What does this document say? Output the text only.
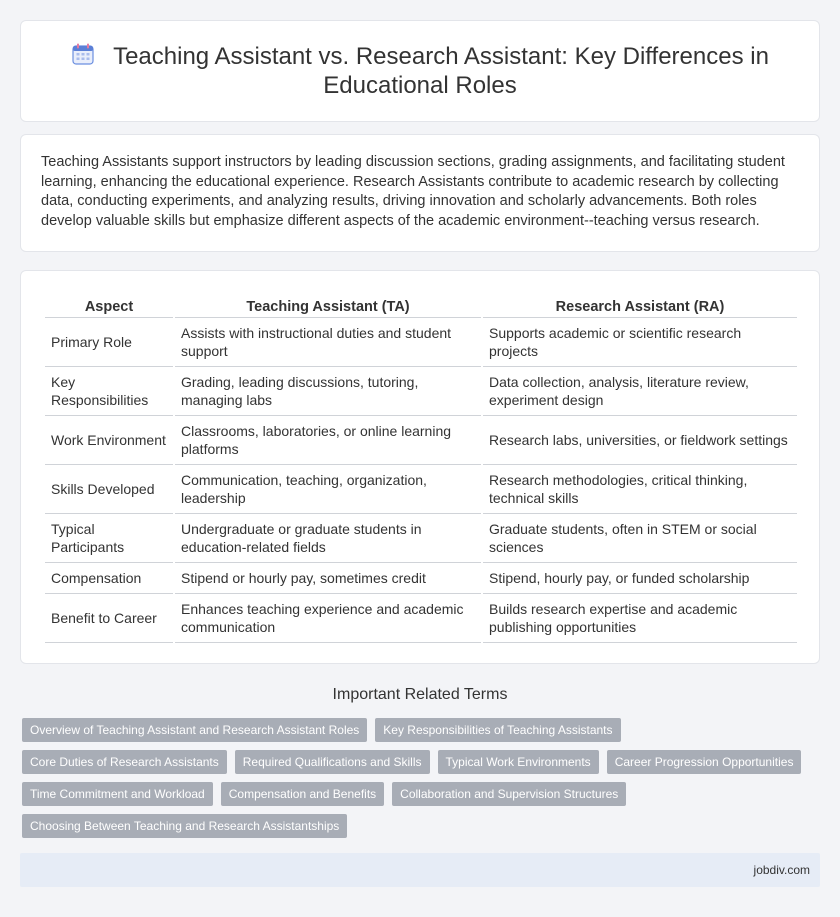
Teaching Assistant vs. Research Assistant: Key Differences in Educational Roles

Teaching Assistants support instructors by leading discussion sections, grading assignments, and facilitating student learning, enhancing the educational experience. Research Assistants contribute to academic research by collecting data, conducting experiments, and analyzing results, driving innovation and scholarly advancements. Both roles develop valuable skills but emphasize different aspects of the academic environment--teaching versus research.

Aspect	Teaching Assistant (TA)	Research Assistant (RA)
Primary Role	Assists with instructional duties and student support	Supports academic or scientific research projects
Key Responsibilities	Grading, leading discussions, tutoring, managing labs	Data collection, analysis, literature review, experiment design
Work Environment	Classrooms, laboratories, or online learning platforms	Research labs, universities, or fieldwork settings
Skills Developed	Communication, teaching, organization, leadership	Research methodologies, critical thinking, technical skills
Typical Participants	Undergraduate or graduate students in education-related fields	Graduate students, often in STEM or social sciences
Compensation	Stipend or hourly pay, sometimes credit	Stipend, hourly pay, or funded scholarship
Benefit to Career	Enhances teaching experience and academic communication	Builds research expertise and academic publishing opportunities
Important Related Terms
Overview of Teaching Assistant and Research Assistant Roles	Key Responsibilities of Teaching Assistants
Core Duties of Research Assistants	Required Qualifications and Skills	Typical Work Environments	Career Progression Opportunities
Time Commitment and Workload	Compensation and Benefits	Collaboration and Supervision Structures
Choosing Between Teaching and Research Assistantships
jobdiv.com
